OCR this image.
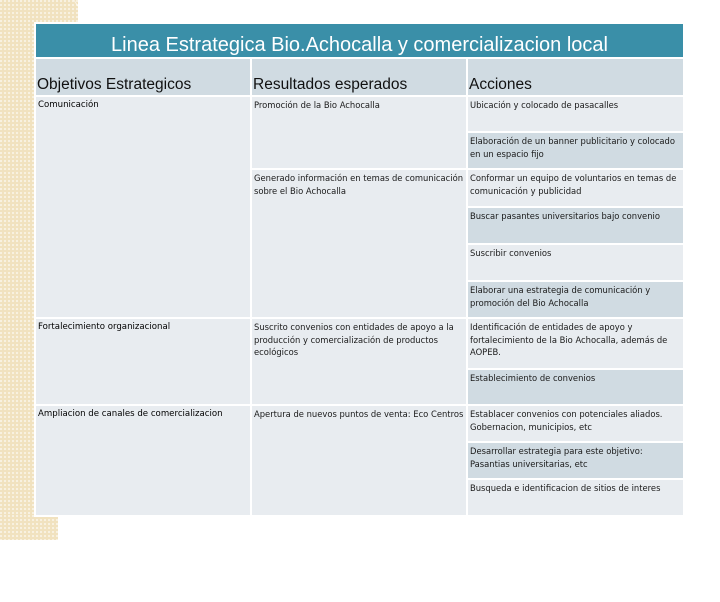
Linea Estrategica Bio.Achocalla y comercializacion local
Objetivos Estrategicos	Resultados esperados	Acciones
Comunicación
Fortalecimiento organizacional
Ampliacion de canales de comercializacion
Promoción de la Bio Achocalla
Generado información en temas de comunicación sobre el Bio Achocalla
Suscrito convenios con entidades de apoyo a la producción y comercialización de productos ecológicos
Apertura de nuevos puntos de venta: Eco Centros
Ubicación y colocado de pasacalles
Elaboración de un banner publicitario y colocado en un espacio fijo
Conformar un equipo de voluntarios en temas de comunicación y publicidad
Buscar pasantes universitarios bajo convenio
Suscribir convenios
Elaborar una estrategia de comunicación y promoción del Bio Achocalla
Identificación de entidades de apoyo y fortalecimiento de la Bio Achocalla, además de AOPEB.
Establecimiento de convenios
Establacer convenios con potenciales aliados. Gobernacion, municipios, etc
Desarrollar estrategia para este objetivo: Pasantias universitarias, etc
Busqueda e identificacion de sitios de interes
